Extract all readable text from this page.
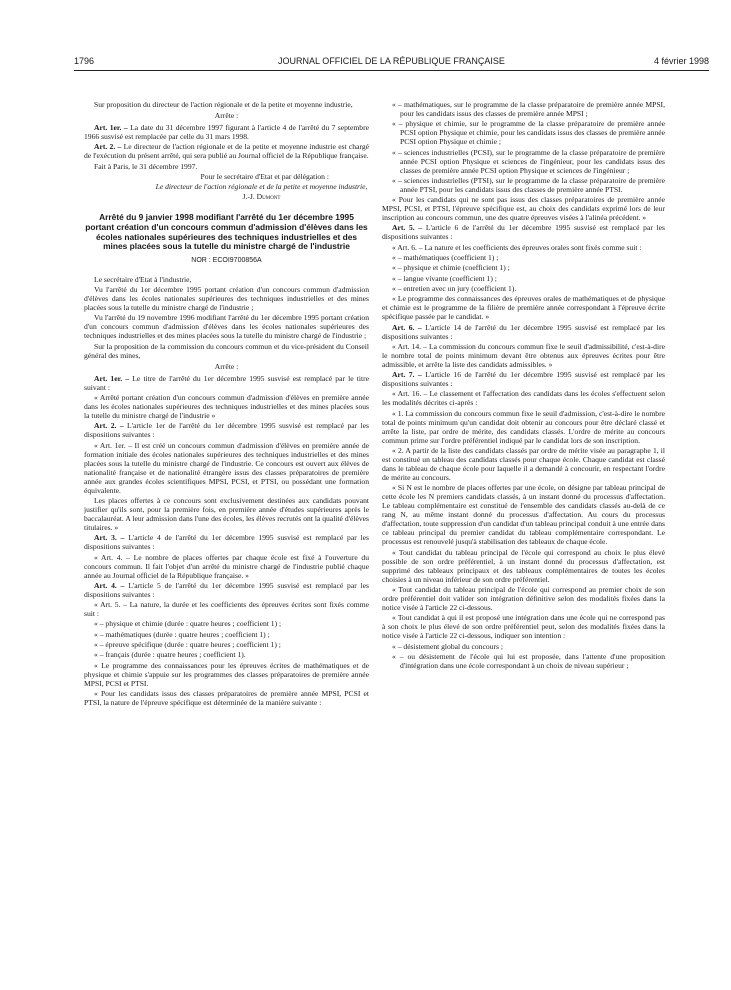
1796	JOURNAL OFFICIEL DE LA RÉPUBLIQUE FRANÇAISE	4 février 1998

Sur proposition du directeur de l'action régionale et de la petite et moyenne industrie,

Arrête :

Art. 1er. – La date du 31 décembre 1997 figurant à l'article 4 de l'arrêté du 7 septembre 1966 susvisé est remplacée par celle du 31 mars 1998.

Art. 2. – Le directeur de l'action régionale et de la petite et moyenne industrie est chargé de l'exécution du présent arrêté, qui sera publié au Journal officiel de la République française.

Fait à Paris, le 31 décembre 1997.

Pour le secrétaire d'Etat et par délégation :

Le directeur de l'action régionale et de la petite et moyenne industrie,

J.-J. Dumont

Arrêté du 9 janvier 1998 modifiant l'arrêté du 1er décembre 1995 portant création d'un concours commun d'admission d'élèves dans les écoles nationales supérieures des techniques industrielles et des mines placées sous la tutelle du ministre chargé de l'industrie

NOR : ECOI9700856A

Le secrétaire d'Etat à l'industrie,

Vu l'arrêté du 1er décembre 1995 portant création d'un concours commun d'admission d'élèves dans les écoles nationales supérieures des techniques industrielles et des mines placées sous la tutelle du ministre chargé de l'industrie ;

Vu l'arrêté du 19 novembre 1996 modifiant l'arrêté du 1er décembre 1995 portant création d'un concours commun d'admission d'élèves dans les écoles nationales supérieures des techniques industrielles et des mines placées sous la tutelle du ministre chargé de l'industrie ;

Sur la proposition de la commission du concours commun et du vice-président du Conseil général des mines,

Arrête :

Art. 1er. – Le titre de l'arrêté du 1er décembre 1995 susvisé est remplacé par le titre suivant :

« Arrêté portant création d'un concours commun d'admission d'élèves en première année dans les écoles nationales supérieures des techniques industrielles et des mines placées sous la tutelle du ministre chargé de l'industrie »

Art. 2. – L'article 1er de l'arrêté du 1er décembre 1995 susvisé est remplacé par les dispositions suivantes :

« Art. 1er. – Il est créé un concours commun d'admission d'élèves en première année de formation initiale des écoles nationales supérieures des techniques industrielles et des mines placées sous la tutelle du ministre chargé de l'industrie. Ce concours est ouvert aux élèves de nationalité française et de nationalité étrangère issus des classes préparatoires de première année aux grandes écoles scientifiques MPSI, PCSI, et PTSI, ou possédant une formation équivalente.

Les places offertes à ce concours sont exclusivement destinées aux candidats pouvant justifier qu'ils sont, pour la première fois, en première année d'études supérieures après le baccalauréat. A leur admission dans l'une des écoles, les élèves recrutés ont la qualité d'élèves titulaires. »

Art. 3. – L'article 4 de l'arrêté du 1er décembre 1995 susvisé est remplacé par les dispositions suivantes :

« Art. 4. – Le nombre de places offertes par chaque école est fixé à l'ouverture du concours commun. Il fait l'objet d'un arrêté du ministre chargé de l'industrie publié chaque année au Journal officiel de la République française. »

Art. 4. – L'article 5 de l'arrêté du 1er décembre 1995 susvisé est remplacé par les dispositions suivantes :

« Art. 5. – La nature, la durée et les coefficients des épreuves écrites sont fixés comme suit :

« – physique et chimie (durée : quatre heures ; coefficient 1) ;

« – mathématiques (durée : quatre heures ; coefficient 1) ;

« – épreuve spécifique (durée : quatre heures ; coefficient 1) ;

« – français (durée : quatre heures ; coefficient 1).

« Le programme des connaissances pour les épreuves écrites de mathématiques et de physique et chimie s'appuie sur les programmes des classes préparatoires de première année MPSI, PCSI et PTSI.

« Pour les candidats issus des classes préparatoires de première année MPSI, PCSI et PTSI, la nature de l'épreuve spécifique est déterminée de la manière suivante :

« – mathématiques, sur le programme de la classe préparatoire de première année MPSI, pour les candidats issus des classes de première année MPSI ;

« – physique et chimie, sur le programme de la classe préparatoire de première année PCSI option Physique et chimie, pour les candidats issus des classes de première année PCSI option Physique et chimie ;

« – sciences industrielles (PCSI), sur le programme de la classe préparatoire de première année PCSI option Physique et sciences de l'ingénieur, pour les candidats issus des classes de première année PCSI option Physique et sciences de l'ingénieur ;

« – sciences industrielles (PTSI), sur le programme de la classe préparatoire de première année PTSI, pour les candidats issus des classes de première année PTSI.

« Pour les candidats qui ne sont pas issus des classes préparatoires de première année MPSI, PCSI, et PTSI, l'épreuve spécifique est, au choix des candidats exprimé lors de leur inscription au concours commun, une des quatre épreuves visées à l'alinéa précédent. »

Art. 5. – L'article 6 de l'arrêté du 1er décembre 1995 susvisé est remplacé par les dispositions suivantes :

« Art. 6. – La nature et les coefficients des épreuves orales sont fixés comme suit :

« – mathématiques (coefficient 1) ;

« – physique et chimie (coefficient 1) ;

« – langue vivante (coefficient 1) ;

« – entretien avec un jury (coefficient 1).

« Le programme des connaissances des épreuves orales de mathématiques et de physique et chimie est le programme de la filière de première année correspondant à l'épreuve écrite spécifique passée par le candidat. »

Art. 6. – L'article 14 de l'arrêté du 1er décembre 1995 susvisé est remplacé par les dispositions suivantes :

« Art. 14. – La commission du concours commun fixe le seuil d'admissibilité, c'est-à-dire le nombre total de points minimum devant être obtenus aux épreuves écrites pour être admissible, et arrête la liste des candidats admissibles. »

Art. 7. – L'article 16 de l'arrêté du 1er décembre 1995 susvisé est remplacé par les dispositions suivantes :

« Art. 16. – Le classement et l'affectation des candidats dans les écoles s'effectuent selon les modalités décrites ci-après :

« 1. La commission du concours commun fixe le seuil d'admission, c'est-à-dire le nombre total de points minimum qu'un candidat doit obtenir au concours pour être déclaré classé et arrête la liste, par ordre de mérite, des candidats classés. L'ordre de mérite au concours commun prime sur l'ordre préférentiel indiqué par le candidat lors de son inscription.

« 2. A partir de la liste des candidats classés par ordre de mérite visée au paragraphe 1, il est constitué un tableau des candidats classés pour chaque école. Chaque candidat est classé dans le tableau de chaque école pour laquelle il a demandé à concourir, en respectant l'ordre de mérite au concours.

« Si N est le nombre de places offertes par une école, on désigne par tableau principal de cette école les N premiers candidats classés, à un instant donné du processus d'affectation. Le tableau complémentaire est constitué de l'ensemble des candidats classés au-delà de ce rang N, au même instant donné du processus d'affectation. Au cours du processus d'affectation, toute suppression d'un candidat d'un tableau principal conduit à une entrée dans ce tableau principal du premier candidat du tableau complémentaire correspondant. Le processus est renouvelé jusqu'à stabilisation des tableaux de chaque école.

« Tout candidat du tableau principal de l'école qui correspond au choix le plus élevé possible de son ordre préférentiel, à un instant donné du processus d'affectation, est supprimé des tableaux principaux et des tableaux complémentaires de toutes les écoles choisies à un niveau inférieur de son ordre préférentiel.

« Tout candidat du tableau principal de l'école qui correspond au premier choix de son ordre préférentiel doit valider son intégration définitive selon des modalités fixées dans la notice visée à l'article 22 ci-dessous.

« Tout candidat à qui il est proposé une intégration dans une école qui ne correspond pas à son choix le plus élevé de son ordre préférentiel peut, selon des modalités fixées dans la notice visée à l'article 22 ci-dessous, indiquer son intention :

« – désistement global du concours ;

« – ou désistement de l'école qui lui est proposée, dans l'attente d'une proposition d'intégration dans une école correspondant à un choix de niveau supérieur ;
